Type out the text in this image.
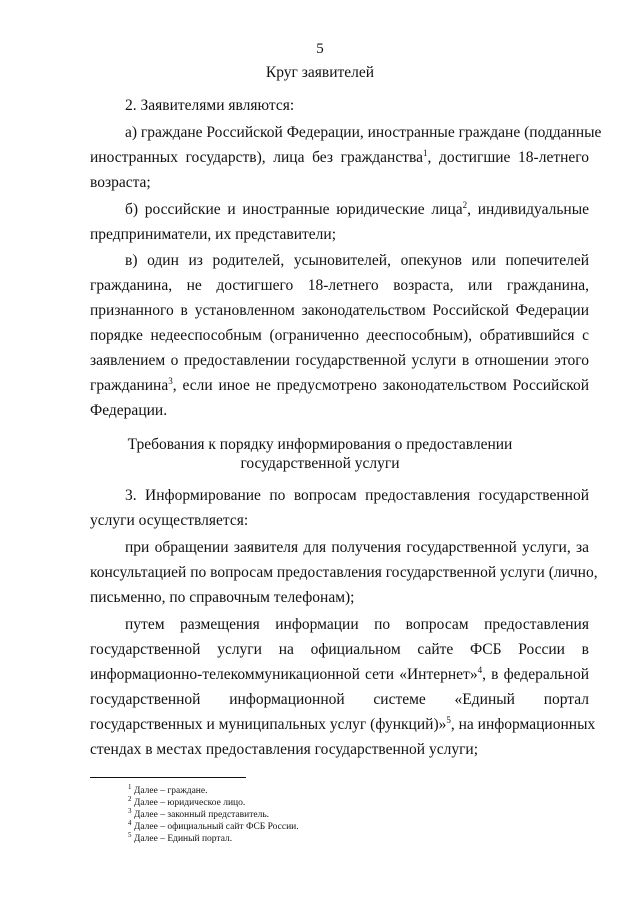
5
Круг заявителей
2. Заявителями являются:
а) граждане Российской Федерации, иностранные граждане (подданные
иностранных государств), лица без гражданства$^1$, достигшие 18-летнего
возраста;
б) российские и иностранные юридические лица$^2$, индивидуальные
предприниматели, их представители;
в) один из родителей, усыновителей, опекунов или попечителей
гражданина, не достигшего 18-летнего возраста, или гражданина,
признанного в установленном законодательством Российской Федерации
порядке недееспособным (ограниченно дееспособным), обратившийся с
заявлением о предоставлении государственной услуги в отношении этого
гражданина$^3$, если иное не предусмотрено законодательством Российской
Федерации.
Требования к порядку информирования о предоставлении
государственной услуги
3. Информирование по вопросам предоставления государственной
услуги осуществляется:
при обращении заявителя для получения государственной услуги, за
консультацией по вопросам предоставления государственной услуги (лично,
письменно, по справочным телефонам);
путем размещения информации по вопросам предоставления
государственной услуги на официальном сайте ФСБ России в
информационно-телекоммуникационной сети «Интернет»$^4$, в федеральной
государственной информационной системе «Единый портал
государственных и муниципальных услуг (функций)»$^5$, на информационных
стендах в местах предоставления государственной услуги;
$^1$ Далее – граждане.
$^2$ Далее – юридическое лицо.
$^3$ Далее – законный представитель.
$^4$ Далее – официальный сайт ФСБ России.
$^5$ Далее – Единый портал.
